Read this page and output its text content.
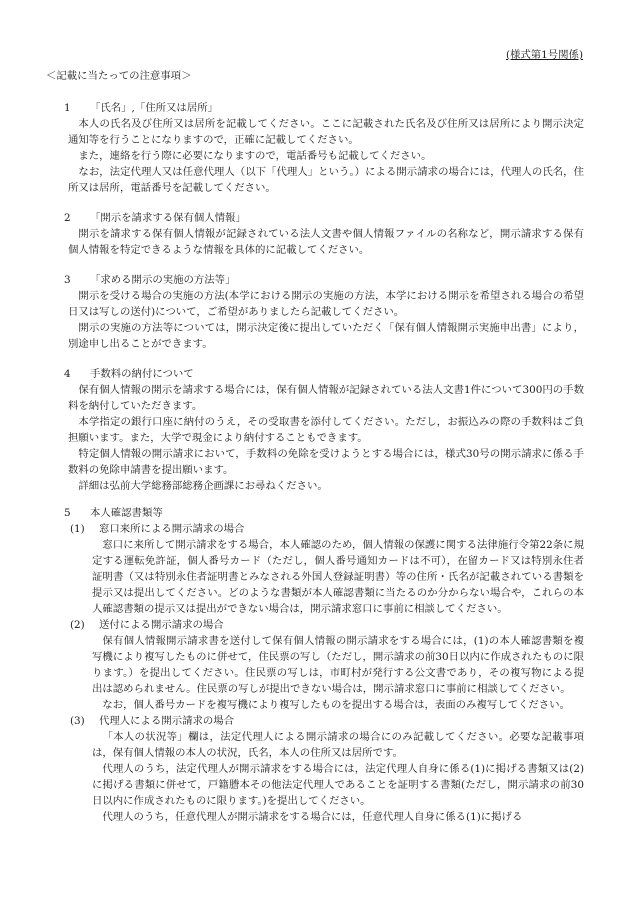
(様式第1号関係)
＜記載に当たっての注意事項＞
1 「氏名」,「住所又は居所」

本人の氏名及び住所又は居所を記載してください。ここに記載された氏名及び住所又は居所により開示決定通知等を行うことになりますので，正確に記載してください。

また，連絡を行う際に必要になりますので，電話番号も記載してください。

なお，法定代理人又は任意代理人（以下「代理人」という。）による開示請求の場合には，代理人の氏名，住所又は居所，電話番号を記載してください。

2 「開示を請求する保有個人情報」

開示を請求する保有個人情報が記録されている法人文書や個人情報ファイルの名称など，開示請求する保有個人情報を特定できるような情報を具体的に記載してください。

3 「求める開示の実施の方法等」

開示を受ける場合の実施の方法(本学における開示の実施の方法，本学における開示を希望される場合の希望日又は写しの送付)について，ご希望がありましたら記載してください。

開示の実施の方法等については，開示決定後に提出していただく「保有個人情報開示実施申出書」により，別途申し出ることができます。

4 手数料の納付について

保有個人情報の開示を請求する場合には，保有個人情報が記録されている法人文書1件について300円の手数料を納付していただきます。

本学指定の銀行口座に納付のうえ，その受取書を添付してください。ただし，お振込みの際の手数料はご負担願います。また，大学で現金により納付することもできます。

特定個人情報の開示請求において，手数料の免除を受けようとする場合には，様式30号の開示請求に係る手数料の免除申請書を提出願います。

詳細は弘前大学総務部総務企画課にお尋ねください。

5 本人確認書類等
(1) 窓口来所による開示請求の場合

窓口に来所して開示請求をする場合，本人確認のため，個人情報の保護に関する法律施行令第22条に規定する運転免許証，個人番号カード（ただし，個人番号通知カードは不可），在留カード又は特別永住者証明書（又は特別永住者証明書とみなされる外国人登録証明書）等の住所・氏名が記載されている書類を提示又は提出してください。どのような書類が本人確認書類に当たるのか分からない場合や，これらの本人確認書類の提示又は提出ができない場合は，開示請求窓口に事前に相談してください。

(2) 送付による開示請求の場合

保有個人情報開示請求書を送付して保有個人情報の開示請求をする場合には，(1)の本人確認書類を複写機により複写したものに併せて，住民票の写し（ただし，開示請求の前30日以内に作成されたものに限ります。）を提出してください。住民票の写しは，市町村が発行する公文書であり，その複写物による提出は認められません。住民票の写しが提出できない場合は，開示請求窓口に事前に相談してください。

なお，個人番号カードを複写機により複写したものを提出する場合は，表面のみ複写してください。

(3) 代理人による開示請求の場合

「本人の状況等」欄は，法定代理人による開示請求の場合にのみ記載してください。必要な記載事項は，保有個人情報の本人の状況，氏名，本人の住所又は居所です。

代理人のうち，法定代理人が開示請求をする場合には，法定代理人自身に係る(1)に掲げる書類又は(2)に掲げる書類に併せて，戸籍謄本その他法定代理人であることを証明する書類(ただし，開示請求の前30日以内に作成されたものに限ります。)を提出してください。

代理人のうち，任意代理人が開示請求をする場合には，任意代理人自身に係る(1)に掲げる
